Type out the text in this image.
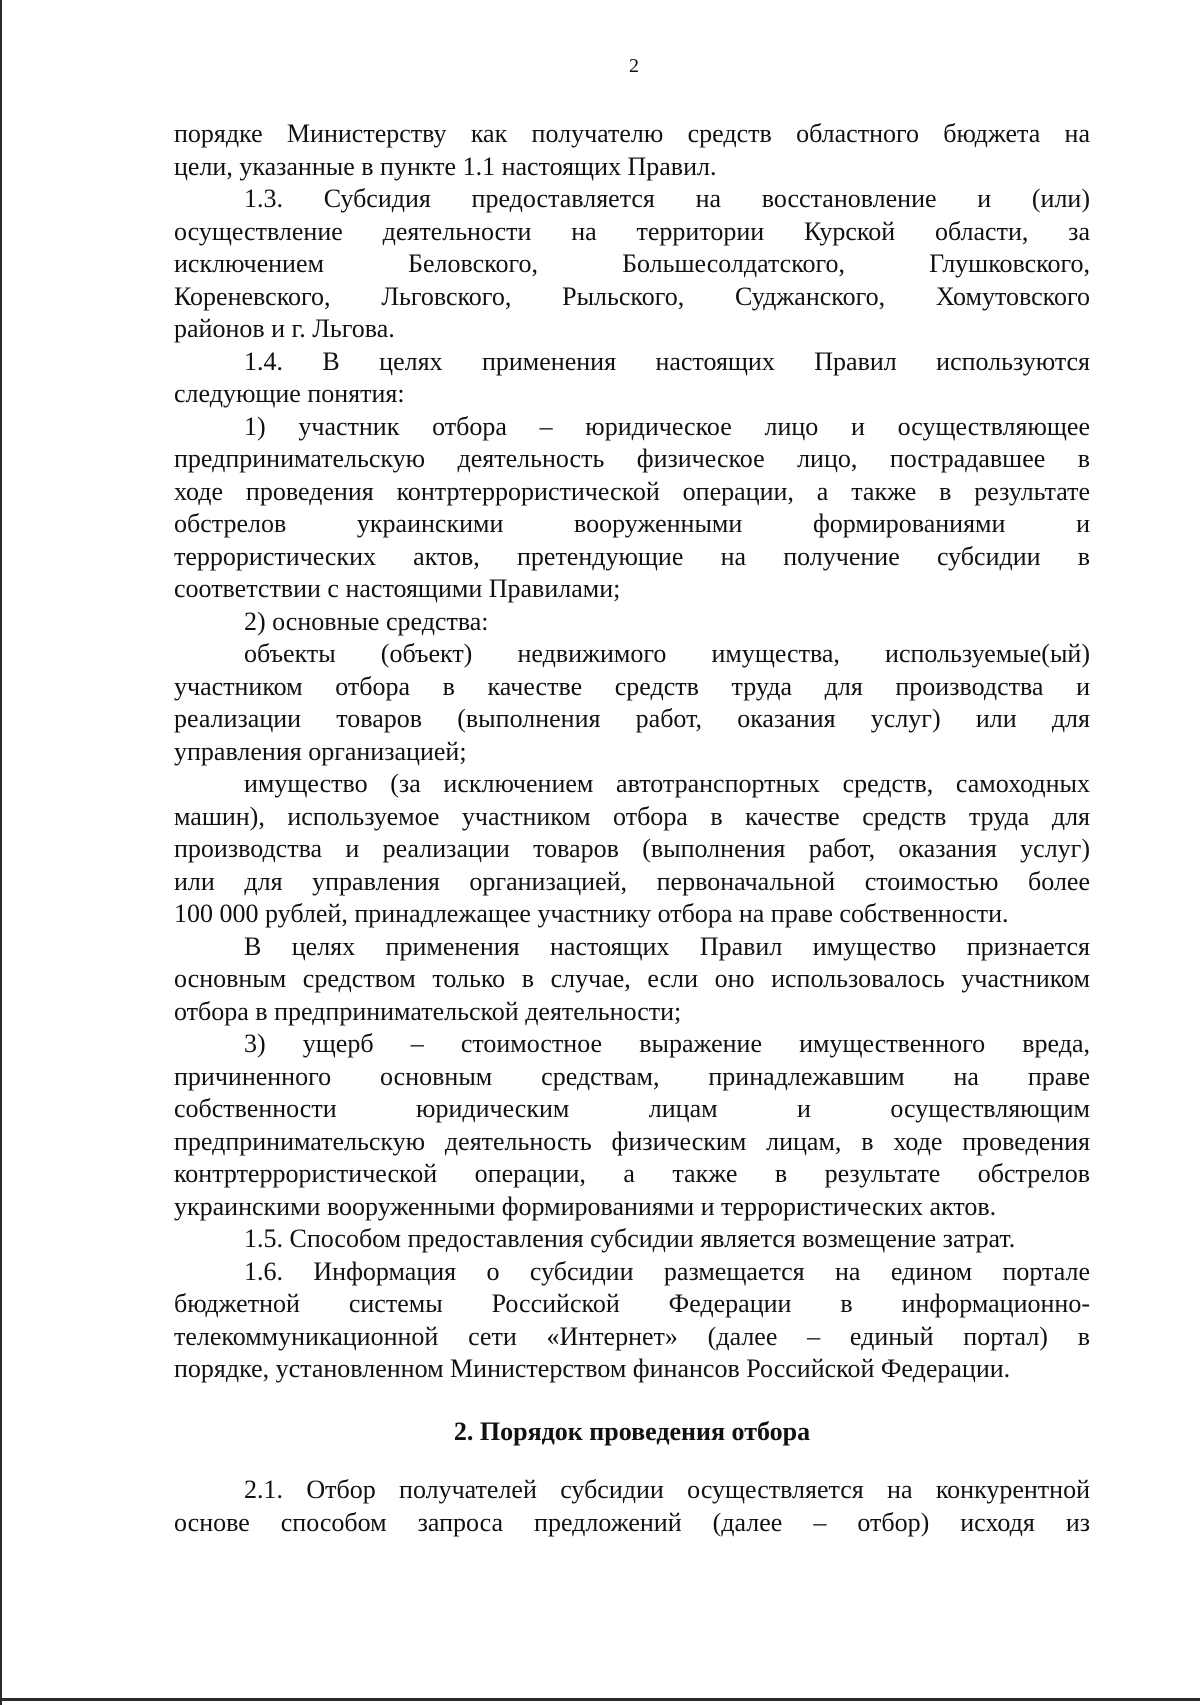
2

порядке Министерству как получателю средств областного бюджета на

цели, указанные в пункте 1.1 настоящих Правил.

1.3. Субсидия предоставляется на восстановление и (или)

осуществление деятельности на территории Курской области, за

исключением Беловского, Большесолдатского, Глушковского,

Кореневского, Льговского, Рыльского, Суджанского, Хомутовского

районов и г. Льгова.

1.4. В целях применения настоящих Правил используются

следующие понятия:

1) участник отбора – юридическое лицо и осуществляющее

предпринимательскую деятельность физическое лицо, пострадавшее в

ходе проведения контртеррористической операции, а также в результате

обстрелов украинскими вооруженными формированиями и

террористических актов, претендующие на получение субсидии в

соответствии с настоящими Правилами;

2) основные средства:

объекты (объект) недвижимого имущества, используемые(ый)

участником отбора в качестве средств труда для производства и

реализации товаров (выполнения работ, оказания услуг) или для

управления организацией;

имущество (за исключением автотранспортных средств, самоходных

машин), используемое участником отбора в качестве средств труда для

производства и реализации товаров (выполнения работ, оказания услуг)

или для управления организацией, первоначальной стоимостью более

100 000 рублей, принадлежащее участнику отбора на праве собственности.

В целях применения настоящих Правил имущество признается

основным средством только в случае, если оно использовалось участником

отбора в предпринимательской деятельности;

3) ущерб – стоимостное выражение имущественного вреда,

причиненного основным средствам, принадлежавшим на праве

собственности юридическим лицам и осуществляющим

предпринимательскую деятельность физическим лицам, в ходе проведения

контртеррористической операции, а также в результате обстрелов

украинскими вооруженными формированиями и террористических актов.

1.5. Способом предоставления субсидии является возмещение затрат.

1.6. Информация о субсидии размещается на едином портале

бюджетной системы Российской Федерации в информационно-

телекоммуникационной сети «Интернет» (далее – единый портал) в

порядке, установленном Министерством финансов Российской Федерации.

2. Порядок проведения отбора

2.1. Отбор получателей субсидии осуществляется на конкурентной

основе способом запроса предложений (далее – отбор) исходя из
